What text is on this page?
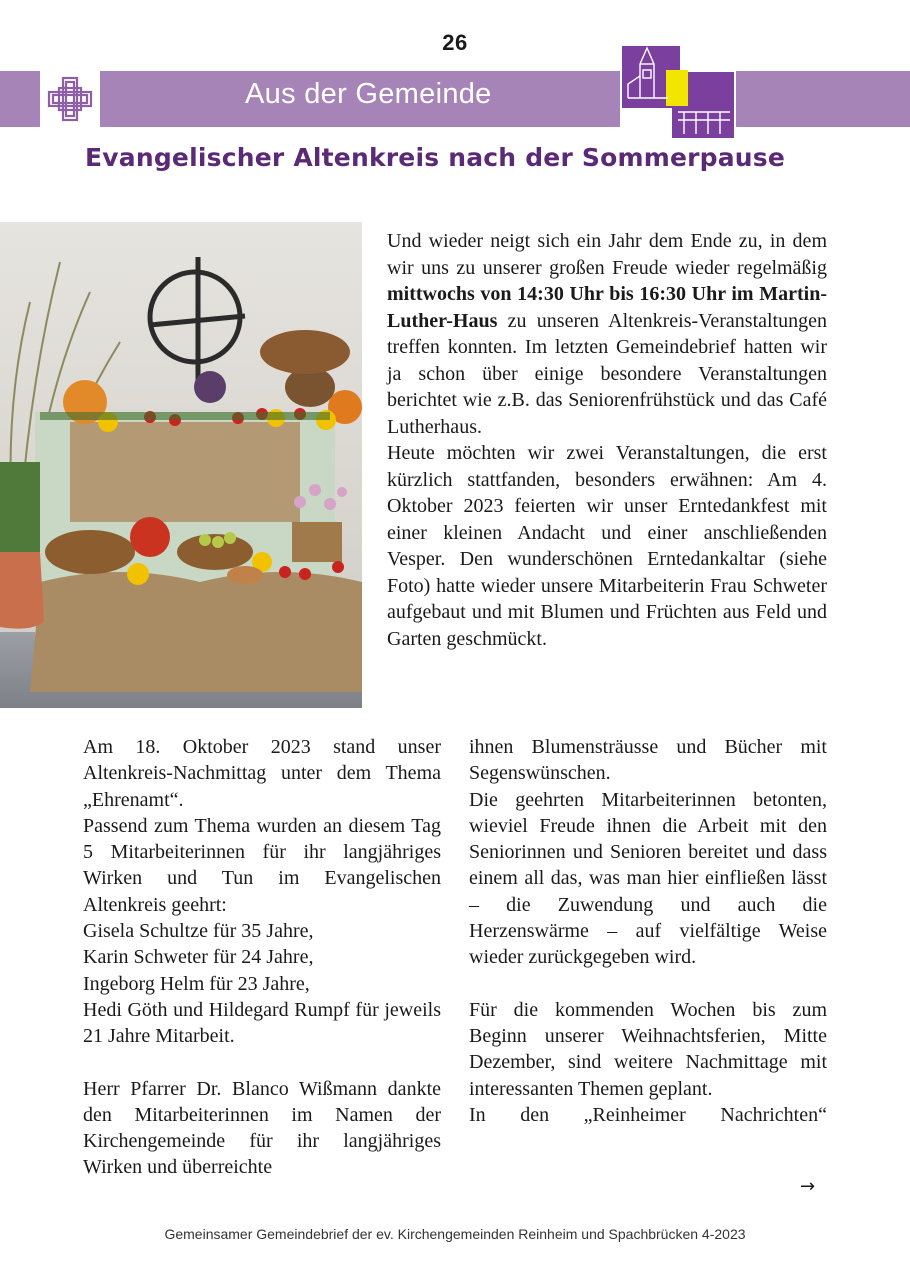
26
Aus der Gemeinde
Evangelischer Altenkreis nach der Sommerpause

Und wieder neigt sich ein Jahr dem Ende zu, in dem wir uns zu unserer großen Freude wieder regelmäßig mittwochs von 14:30 Uhr bis 16:30 Uhr im Martin-Luther-Haus zu unseren Altenkreis-Veranstaltungen treffen konnten. Im letzten Gemeindebrief hatten wir ja schon über einige besondere Veranstaltungen berichtet wie z.B. das Seniorenfrühstück und das Café Lutherhaus.

Heute möchten wir zwei Veranstaltungen, die erst kürzlich stattfanden, besonders erwähnen: Am 4. Oktober 2023 feierten wir unser Erntedankfest mit einer kleinen Andacht und einer anschließenden Vesper. Den wunderschönen Erntedankaltar (siehe Foto) hatte wieder unsere Mitarbeiterin Frau Schweter aufgebaut und mit Blumen und Früchten aus Feld und Garten geschmückt.

Am 18. Oktober 2023 stand unser Altenkreis-Nachmittag unter dem Thema „Ehrenamt“.

Passend zum Thema wurden an diesem Tag 5 Mitarbeiterinnen für ihr langjähriges Wirken und Tun im Evangelischen Altenkreis geehrt:

Gisela Schultze für 35 Jahre,

Karin Schweter für 24 Jahre,

Ingeborg Helm für 23 Jahre,

Hedi Göth und Hildegard Rumpf für jeweils 21 Jahre Mitarbeit.

Herr Pfarrer Dr. Blanco Wißmann dankte den Mitarbeiterinnen im Namen der Kirchengemeinde für ihr langjähriges Wirken und überreichte

ihnen Blumensträusse und Bücher mit Segenswünschen.

Die geehrten Mitarbeiterinnen betonten, wieviel Freude ihnen die Arbeit mit den Seniorinnen und Senioren bereitet und dass einem all das, was man hier einfließen lässt – die Zuwendung und auch die Herzenswärme – auf vielfältige Weise wieder zurückgegeben wird.

Für die kommenden Wochen bis zum Beginn unserer Weihnachtsferien, Mitte Dezember, sind weitere Nachmittage mit interessanten Themen geplant.

In den „Reinheimer Nachrichten“

→
Gemeinsamer Gemeindebrief der ev. Kirchengemeinden Reinheim und Spachbrücken 4-2023
